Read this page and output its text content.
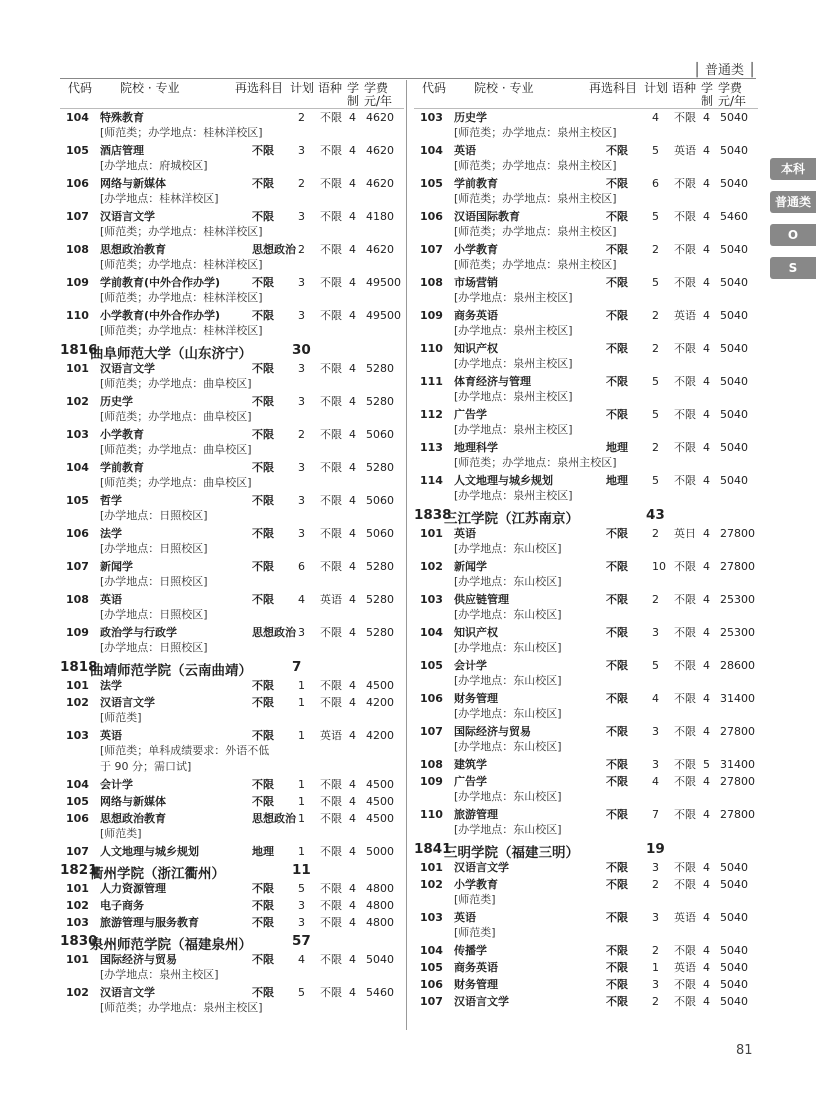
│ 普通类 │
代码 院校 · 专业	再选科目 计划 语种 学
制
学费
元/年
104 特殊教育	2 不限 4 4620
[师范类；办学地点：桂林洋校区]
105 酒店管理	不限 3 不限 4 4620
[办学地点：府城校区]
106 网络与新媒体	不限 2 不限 4 4620
[办学地点：桂林洋校区]
107 汉语言文学	不限 3 不限 4 4180
[师范类；办学地点：桂林洋校区]
108 思想政治教育	思想政治 2 不限 4 4620
[师范类；办学地点：桂林洋校区]
109 学前教育(中外合作办学)	不限 3 不限 4 49500
[师范类；办学地点：桂林洋校区]
110 小学教育(中外合作办学)	不限 3 不限 4 49500
[师范类；办学地点：桂林洋校区]
1816
曲阜师范大学（山东济宁）	30
101 汉语言文学	不限 3 不限 4 5280
[师范类；办学地点：曲阜校区]
102 历史学	不限 3 不限 4 5280
[师范类；办学地点：曲阜校区]
103 小学教育	不限 2 不限 4 5060
[师范类；办学地点：曲阜校区]
104 学前教育	不限 3 不限 4 5280
[师范类；办学地点：曲阜校区]
105 哲学	不限 3 不限 4 5060
[办学地点：日照校区]
106 法学	不限 3 不限 4 5060
[办学地点：日照校区]
107 新闻学	不限 6 不限 4 5280
[办学地点：日照校区]
108 英语	不限 4 英语 4 5280
[办学地点：日照校区]
109 政治学与行政学	思想政治 3 不限 4 5280
[办学地点：日照校区]
1818
曲靖师范学院（云南曲靖）	7
101 法学	不限 1 不限 4 4500
102 汉语言文学	不限 1 不限 4 4200
[师范类]
103 英语	不限 1 英语 4 4200
[师范类；单科成绩要求：外语不低
于 90 分；需口试]
104 会计学	不限 1 不限 4 4500
105 网络与新媒体	不限 1 不限 4 4500
106 思想政治教育	思想政治 1 不限 4 4500
[师范类]
107 人文地理与城乡规划	地理 1 不限 4 5000
1821
衢州学院（浙江衢州）	11
101 人力资源管理	不限 5 不限 4 4800
102 电子商务	不限 3 不限 4 4800
103 旅游管理与服务教育	不限 3 不限 4 4800
1830
泉州师范学院（福建泉州）	57
101 国际经济与贸易	不限 4 不限 4 5040
[办学地点：泉州主校区]
102 汉语言文学	不限 5 不限 4 5460
[师范类；办学地点：泉州主校区]
代码 院校 · 专业	再选科目 计划 语种 学
制
学费
元/年
103 历史学	4 不限 4 5040
[师范类；办学地点：泉州主校区]
104 英语	不限 5 英语 4 5040
[师范类；办学地点：泉州主校区]
105 学前教育	不限 6 不限 4 5040
[师范类；办学地点：泉州主校区]
106 汉语国际教育	不限 5 不限 4 5460
[师范类；办学地点：泉州主校区]
107 小学教育	不限 2 不限 4 5040
[师范类；办学地点：泉州主校区]
108 市场营销	不限 5 不限 4 5040
[办学地点：泉州主校区]
109 商务英语	不限 2 英语 4 5040
[办学地点：泉州主校区]
110 知识产权	不限 2 不限 4 5040
[办学地点：泉州主校区]
111 体育经济与管理	不限 5 不限 4 5040
[办学地点：泉州主校区]
112 广告学	不限 5 不限 4 5040
[办学地点：泉州主校区]
113 地理科学	地理 2 不限 4 5040
[师范类；办学地点：泉州主校区]
114 人文地理与城乡规划	地理 5 不限 4 5040
[办学地点：泉州主校区]
1838
三江学院（江苏南京）	43
101 英语	不限 2 英日 4 27800
[办学地点：东山校区]
102 新闻学	不限 10 不限 4 27800
[办学地点：东山校区]
103 供应链管理	不限 2 不限 4 25300
[办学地点：东山校区]
104 知识产权	不限 3 不限 4 25300
[办学地点：东山校区]
105 会计学	不限 5 不限 4 28600
[办学地点：东山校区]
106 财务管理	不限 4 不限 4 31400
[办学地点：东山校区]
107 国际经济与贸易	不限 3 不限 4 27800
[办学地点：东山校区]
108 建筑学	不限 3 不限 5 31400
109 广告学	不限 4 不限 4 27800
[办学地点：东山校区]
110 旅游管理	不限 7 不限 4 27800
[办学地点：东山校区]
1841
三明学院（福建三明）	19
101 汉语言文学	不限 3 不限 4 5040
102 小学教育	不限 2 不限 4 5040
[师范类]
103 英语	不限 3 英语 4 5040
[师范类]
104 传播学	不限 2 不限 4 5040
105 商务英语	不限 1 英语 4 5040
106 财务管理	不限 3 不限 4 5040
107 汉语言文学	不限 2 不限 4 5040
本科
普通类
O
S
81
